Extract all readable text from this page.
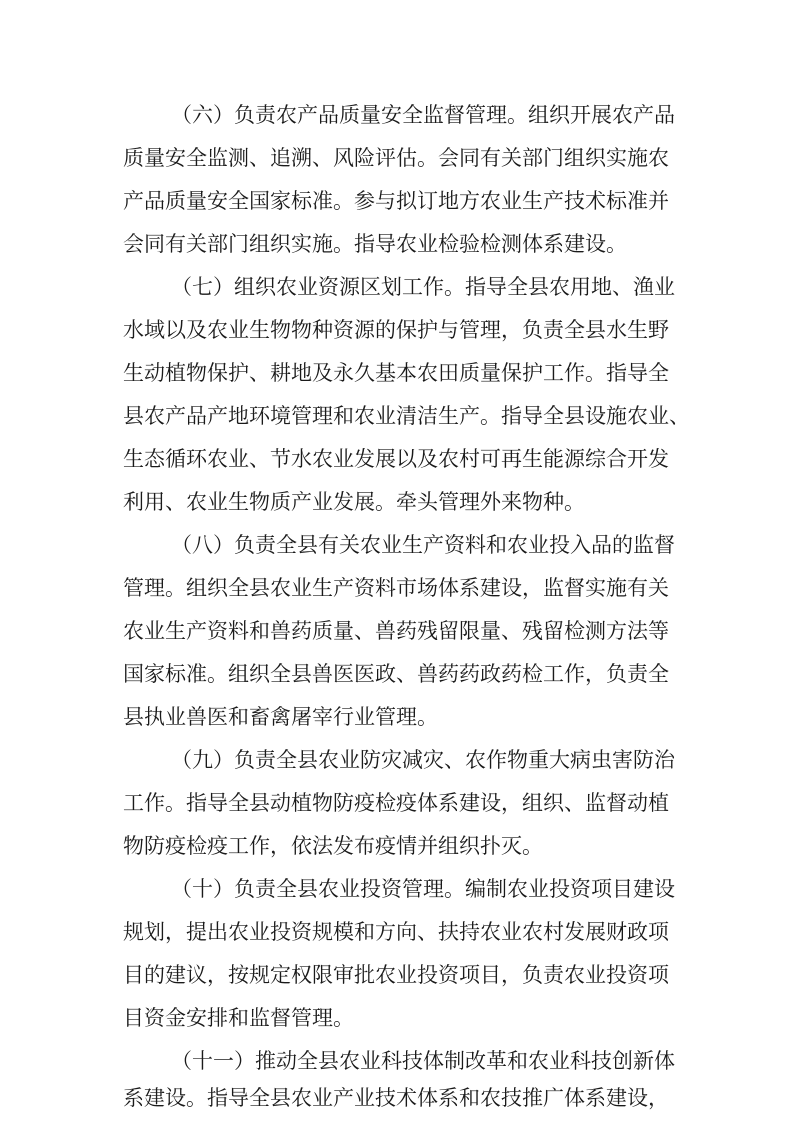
（六）负责农产品质量安全监督管理。组织开展农产品
质量安全监测、追溯、风险评估。会同有关部门组织实施农
产品质量安全国家标准。参与拟订地方农业生产技术标准并
会同有关部门组织实施。指导农业检验检测体系建设。
（七）组织农业资源区划工作。指导全县农用地、渔业
水域以及农业生物物种资源的保护与管理，负责全县水生野
生动植物保护、耕地及永久基本农田质量保护工作。指导全
县农产品产地环境管理和农业清洁生产。指导全县设施农业、
生态循环农业、节水农业发展以及农村可再生能源综合开发
利用、农业生物质产业发展。牵头管理外来物种。
（八）负责全县有关农业生产资料和农业投入品的监督
管理。组织全县农业生产资料市场体系建设，监督实施有关
农业生产资料和兽药质量、兽药残留限量、残留检测方法等
国家标准。组织全县兽医医政、兽药药政药检工作，负责全
县执业兽医和畜禽屠宰行业管理。
（九）负责全县农业防灾减灾、农作物重大病虫害防治
工作。指导全县动植物防疫检疫体系建设，组织、监督动植
物防疫检疫工作，依法发布疫情并组织扑灭。
（十）负责全县农业投资管理。编制农业投资项目建设
规划，提出农业投资规模和方向、扶持农业农村发展财政项
目的建议，按规定权限审批农业投资项目，负责农业投资项
目资金安排和监督管理。
（十一）推动全县农业科技体制改革和农业科技创新体
系建设。指导全县农业产业技术体系和农技推广体系建设，
